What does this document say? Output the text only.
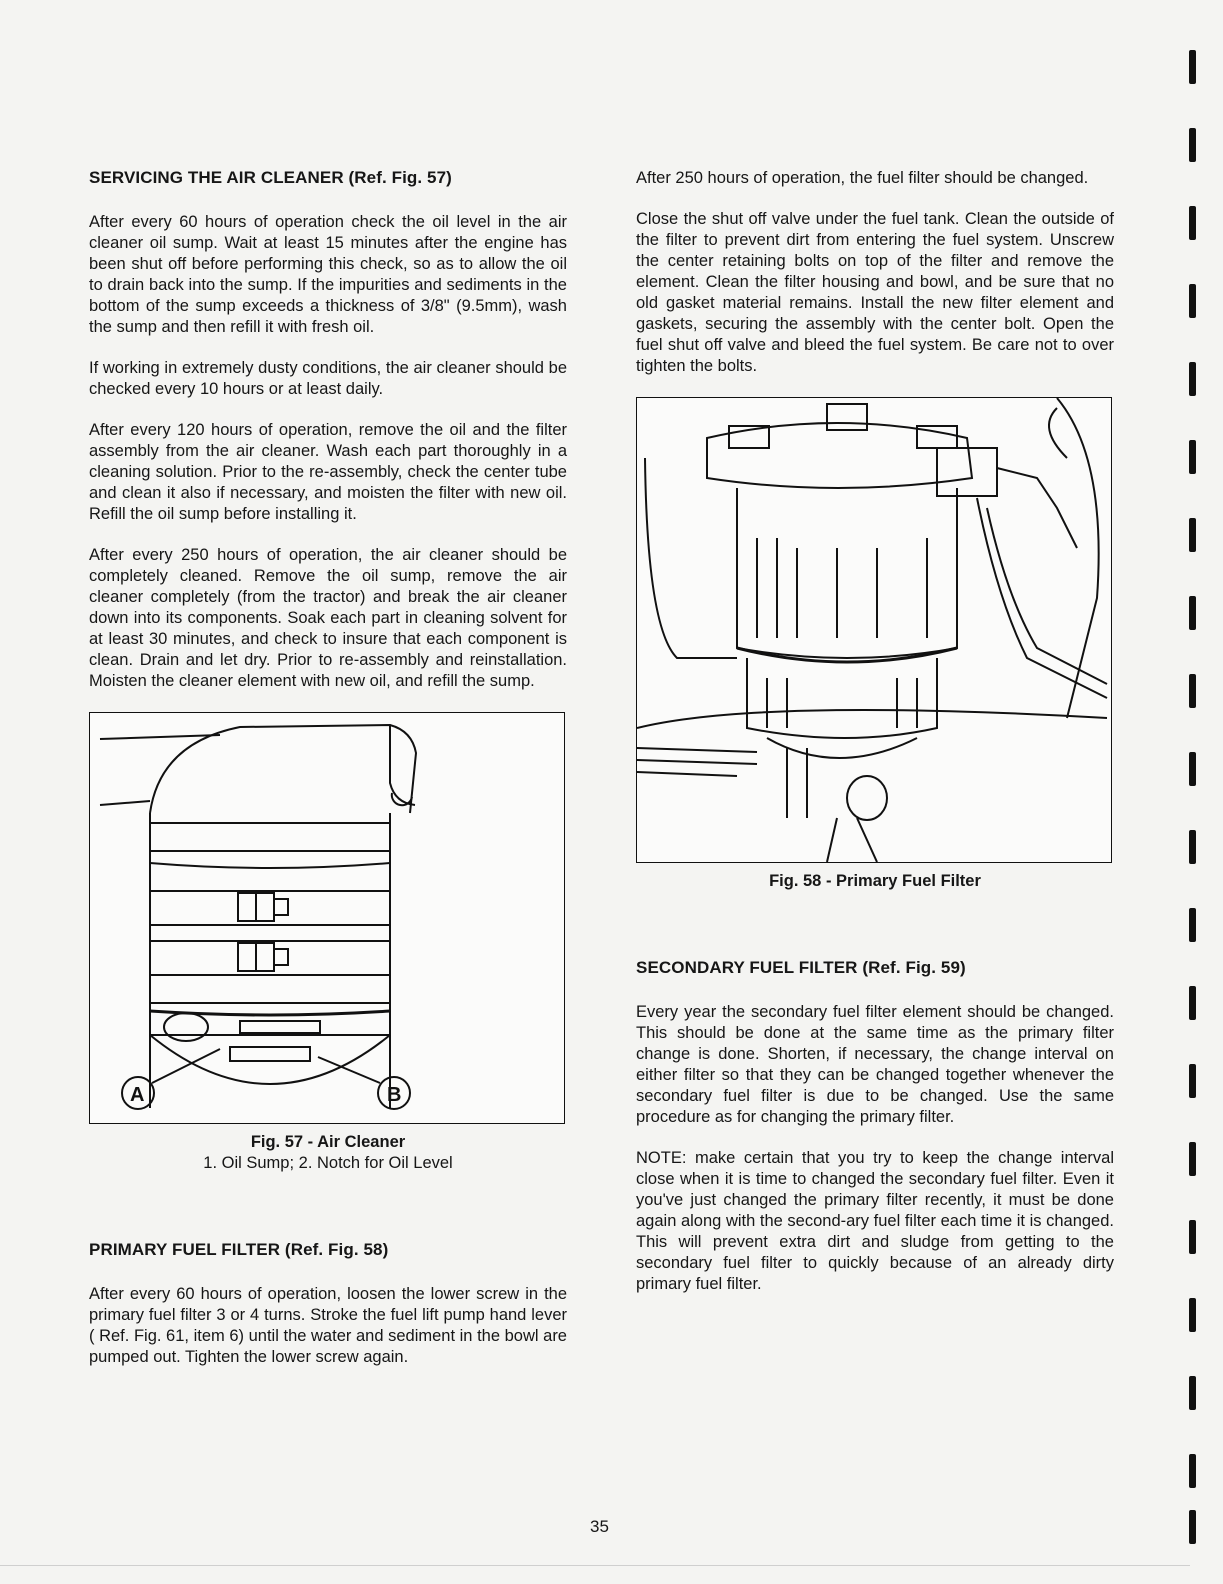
SERVICING THE AIR CLEANER (Ref. Fig. 57)

After every 60 hours of operation check the oil level in the air cleaner oil sump. Wait at least 15 minutes after the engine has been shut off before performing this check, so as to allow the oil to drain back into the sump. If the impurities and sediments in the bottom of the sump exceeds a thickness of 3/8" (9.5mm), wash the sump and then refill it with fresh oil.

If working in extremely dusty conditions, the air cleaner should be checked every 10 hours or at least daily.

After every 120 hours of operation, remove the oil and the filter assembly from the air cleaner. Wash each part thoroughly in a cleaning solution. Prior to the re-assembly, check the center tube and clean it also if necessary, and moisten the filter with new oil. Refill the oil sump before installing it.

After every 250 hours of operation, the air cleaner should be completely cleaned. Remove the oil sump, remove the air cleaner completely (from the tractor) and break the air cleaner down into its components. Soak each part in cleaning solvent for at least 30 minutes, and check to insure that each component is clean. Drain and let dry. Prior to re-assembly and reinstallation. Moisten the cleaner element with new oil, and refill the sump.

A	B
Fig. 57 - Air Cleaner
1. Oil Sump; 2. Notch for Oil Level
PRIMARY FUEL FILTER (Ref. Fig. 58)

After every 60 hours of operation, loosen the lower screw in the primary fuel filter 3 or 4 turns. Stroke the fuel lift pump hand lever ( Ref. Fig. 61, item 6) until the water and sediment in the bowl are pumped out. Tighten the lower screw again.

After 250 hours of operation, the fuel filter should be changed.

Close the shut off valve under the fuel tank. Clean the outside of the filter to prevent dirt from entering the fuel system. Unscrew the center retaining bolts on top of the filter and remove the element. Clean the filter housing and bowl, and be sure that no old gasket material remains. Install the new filter element and gaskets, securing the assembly with the center bolt. Open the fuel shut off valve and bleed the fuel system. Be care not to over tighten the bolts.

Fig. 58 - Primary Fuel Filter
SECONDARY FUEL FILTER (Ref. Fig. 59)

Every year the secondary fuel filter element should be changed. This should be done at the same time as the primary filter change is done. Shorten, if necessary, the change interval on either filter so that they can be changed together whenever the secondary fuel filter is due to be changed. Use the same procedure as for changing the primary filter.

NOTE: make certain that you try to keep the change interval close when it is time to changed the secondary fuel filter. Even it you've just changed the primary filter recently, it must be done again along with the second-ary fuel filter each time it is changed. This will prevent extra dirt and sludge from getting to the secondary fuel filter to quickly because of an already dirty primary fuel filter.

35
